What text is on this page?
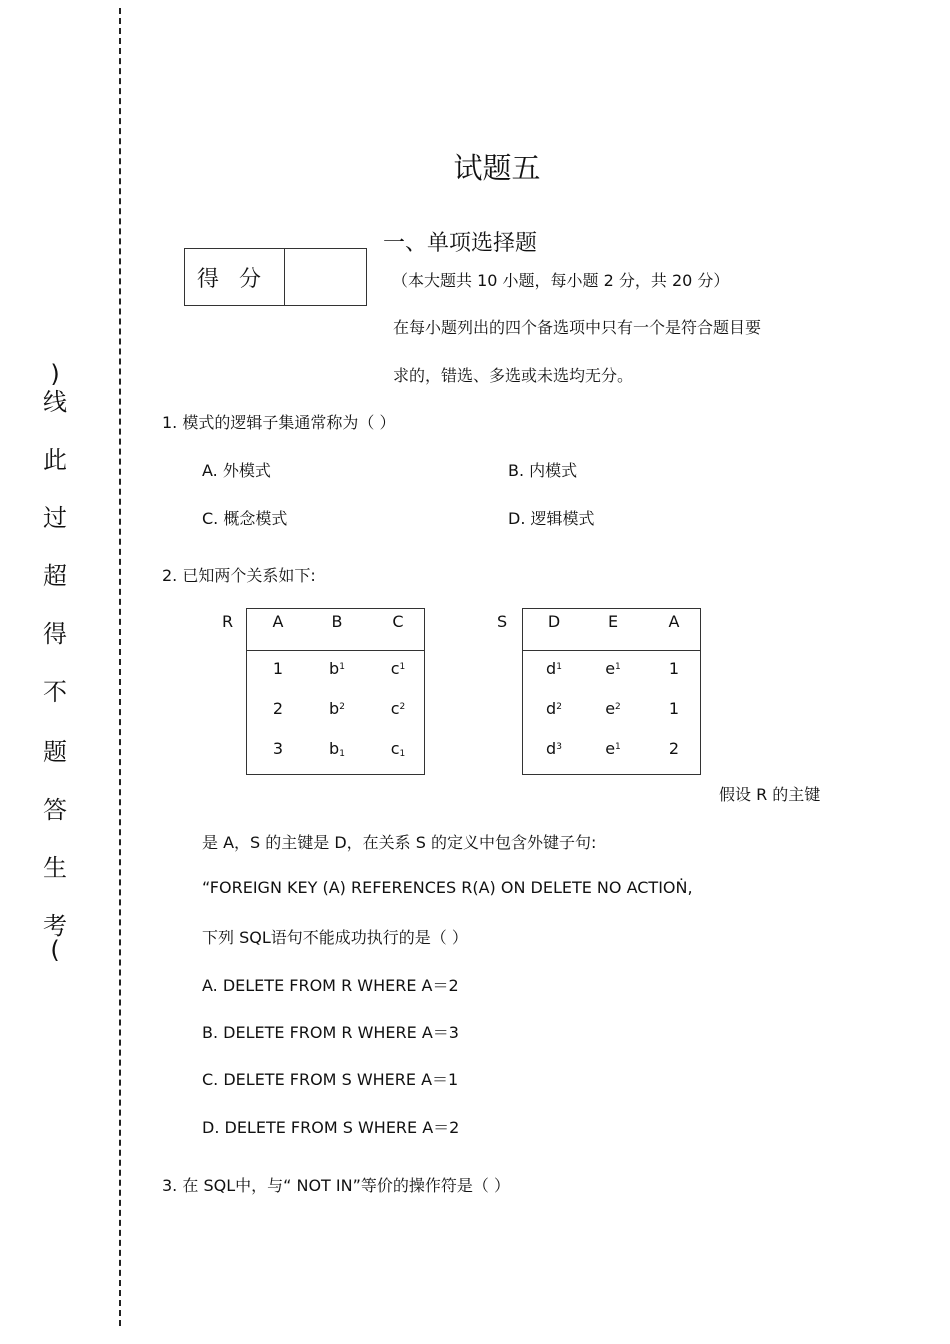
)
线
此
过
超
得
不
题
答
生
考
(
试题五
一、单项选择题
得分	（本大题共 10 小题，每小题 2 分，共 20 分）
在每小题列出的四个备选项中只有一个是符合题目要
求的，错选、多选或未选均无分。
1. 模式的逻辑子集通常称为（ ）
A. 外模式	B. 内模式
C. 概念模式	D. 逻辑模式
2. 已知两个关系如下:
R A	B	C
1	$b^1$	$c^1$
2	$b^2$	$c^2$
3	$b_1$	$c_1$
S	D	E	A
$d^1$	$e^1$	1
$d^2$	$e^2$	1
$d^3$	$e^1$	2
假设 R 的主键
是 A，S 的主键是 D，在关系 S 的定义中包含外键子句:
“FOREIGN KEY (A) REFERENCES R(A) ON DELETE NO ACTIOṄ,
下列 SQL语句不能成功执行的是（ ）
A. DELETE FROM R WHERE A＝2
B. DELETE FROM R WHERE A＝3
C. DELETE FROM S WHERE A＝1
D. DELETE FROM S WHERE A＝2
3. 在 SQL中，与“ NOT IN”等价的操作符是（ ）
